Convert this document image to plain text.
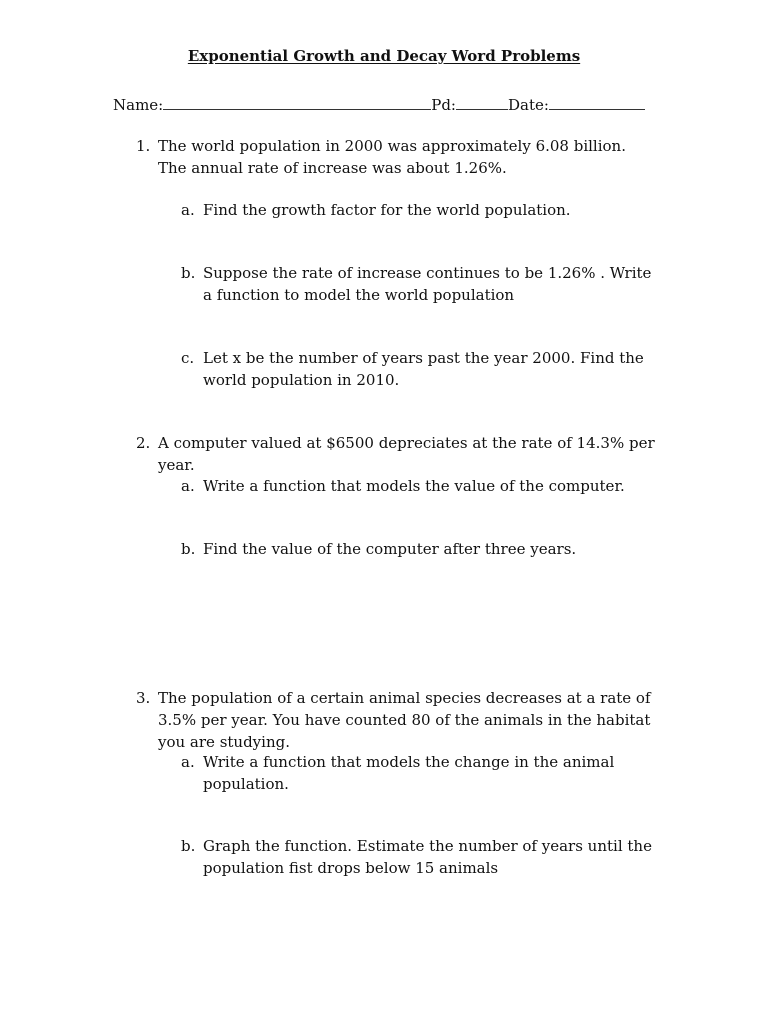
Exponential Growth and Decay Word Problems
Name:	Pd:	Date:
1. The world population in 2000 was approximately 6.08 billion. The annual rate of increase was about 1.26%.
a. Find the growth factor for the world population.
b. Suppose the rate of increase continues to be 1.26% . Write a function to model the world population
c. Let x be the number of years past the year 2000. Find the world population in 2010.
2. A computer valued at $6500 depreciates at the rate of 14.3% per year.
a. Write a function that models the value of the computer.
b. Find the value of the computer after three years.
3. The population of a certain animal species decreases at a rate of 3.5% per year. You have counted 80 of the animals in the habitat you are studying.
a. Write a function that models the change in the animal population.
b. Graph the function. Estimate the number of years until the population fist drops below 15 animals
